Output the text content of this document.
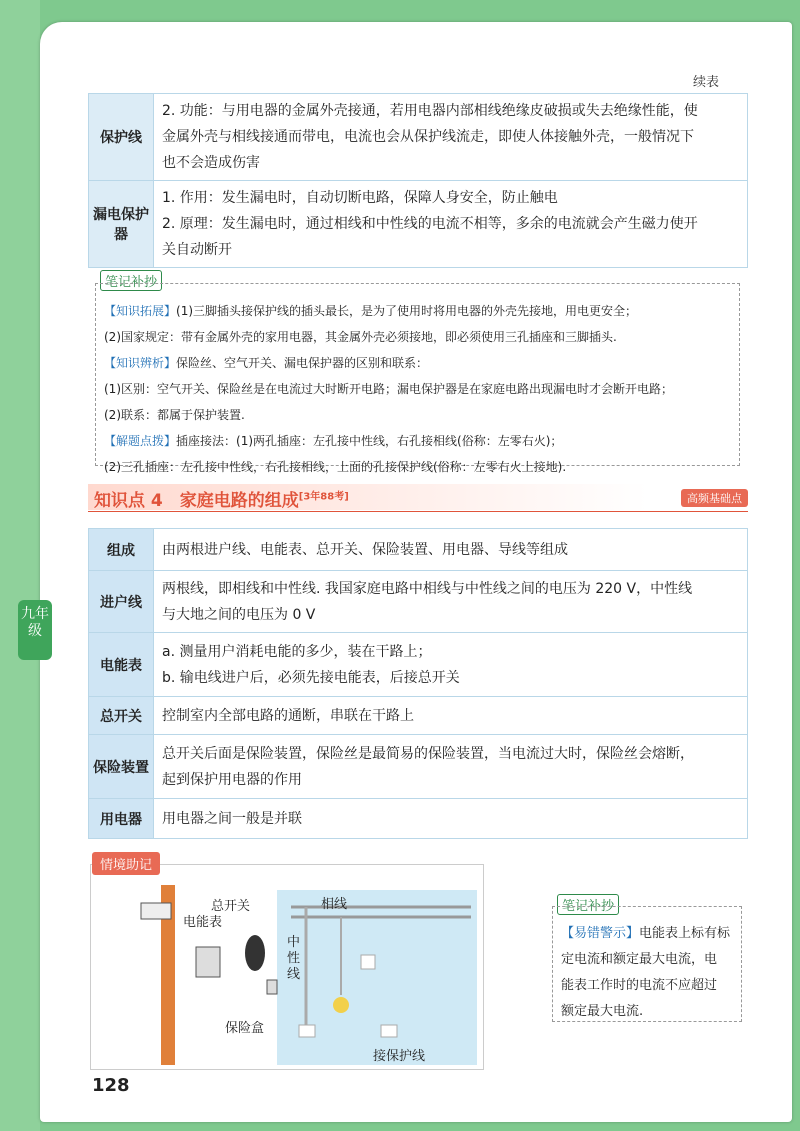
九年级
续表
保护线	2. 功能：与用电器的金属外壳接通，若用电器内部相线绝缘皮破损或失去绝缘性能，使
金属外壳与相线接通而带电，电流也会从保护线流走，即使人体接触外壳，一般情况下
也不会造成伤害

漏电保护器	1. 作用：发生漏电时，自动切断电路，保障人身安全，防止触电
2. 原理：发生漏电时，通过相线和中性线的电流不相等，多余的电流就会产生磁力使开
关自动断开
笔记补抄
【知识拓展】(1)三脚插头接保护线的插头最长，是为了使用时将用电器的外壳先接地，用电更安全；
(2)国家规定：带有金属外壳的家用电器，其金属外壳必须接地，即必须使用三孔插座和三脚插头.
【知识辨析】保险丝、空气开关、漏电保护器的区别和联系：
(1)区别：空气开关、保险丝是在电流过大时断开电路；漏电保护器是在家庭电路出现漏电时才会断开电路；
(2)联系：都属于保护装置.
【解题点拨】插座接法：(1)两孔插座：左孔接中性线，右孔接相线(俗称：左零右火)；
(2)三孔插座：左孔接中性线，右孔接相线，上面的孔接保护线(俗称：左零右火上接地).
知识点 4　家庭电路的组成[3年88考]	高频基础点
组成	由两根进户线、电能表、总开关、保险装置、用电器、导线等组成

进户线	两根线，即相线和中性线. 我国家庭电路中相线与中性线之间的电压为 220 V，中性线
与大地之间的电压为 0 V

电能表	a. 测量用户消耗电能的多少，装在干路上；
b. 输电线进户后，必须先接电能表，后接总开关

总开关	控制室内全部电路的通断，串联在干路上

保险装置	总开关后面是保险装置，保险丝是最简易的保险装置，当电流过大时，保险丝会熔断，
起到保护用电器的作用

用电器	用电器之间一般是并联
总开关
电能表
保险盒
相线
中性线
接保护线
情境助记
笔记补抄
【易错警示】电能表上标有标
定电流和额定最大电流，电
能表工作时的电流不应超过
额定最大电流.
128
